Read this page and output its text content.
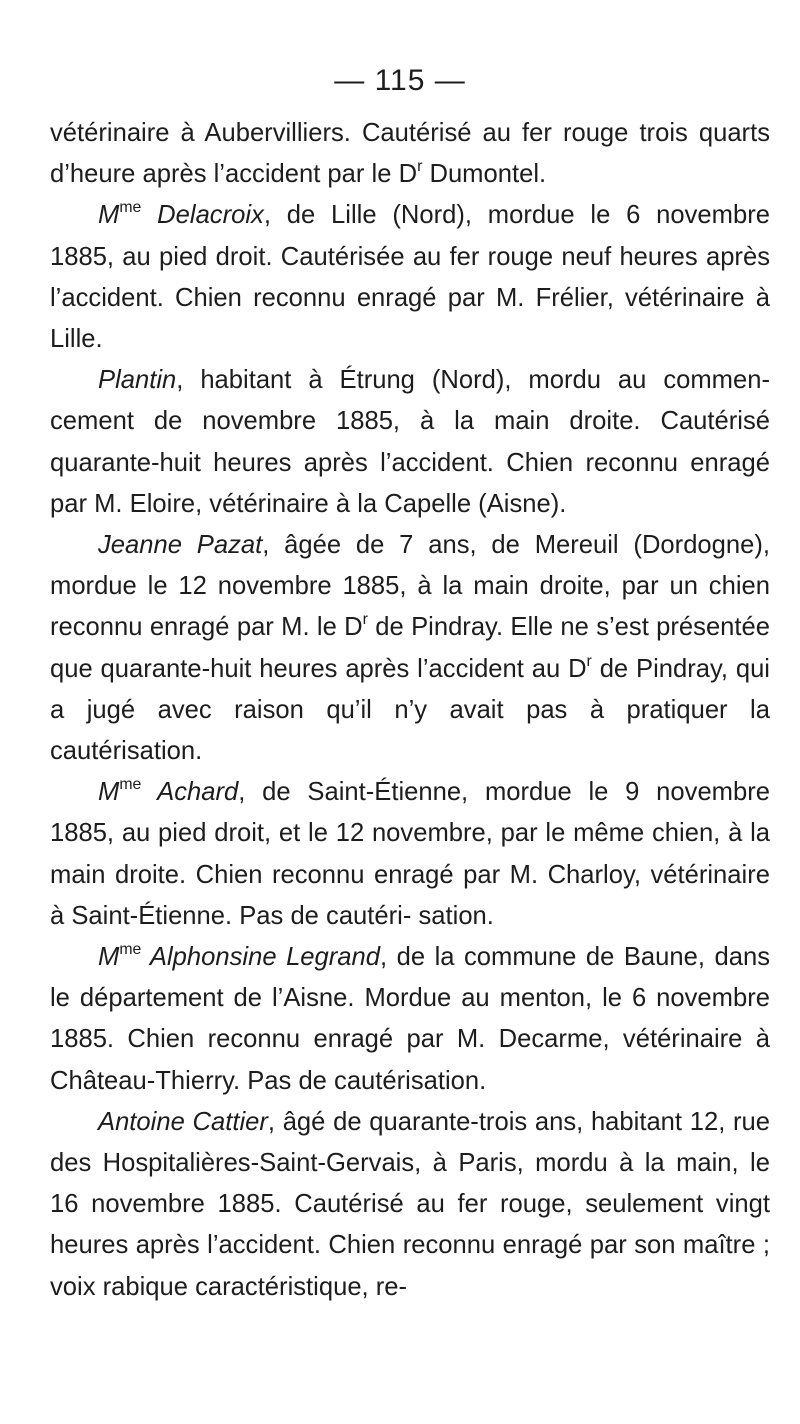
— 115 —

vétérinaire à Aubervilliers. Cautérisé au fer rouge trois quarts d’heure après l’accident par le $D^r$ Dumontel.

$M^{me}$ Delacroix, de Lille (Nord), mordue le 6 novembre 1885, au pied droit. Cautérisée au fer rouge neuf heures après l’accident. Chien reconnu enragé par M. Frélier, vétérinaire à Lille.

Plantin, habitant à Étrung (Nord), mordu au commen- cement de novembre 1885, à la main droite. Cautérisé quarante-huit heures après l’accident. Chien reconnu enragé par M. Eloire, vétérinaire à la Capelle (Aisne).

Jeanne Pazat, âgée de 7 ans, de Mereuil (Dordogne), mordue le 12 novembre 1885, à la main droite, par un chien reconnu enragé par M. le $D^r$ de Pindray. Elle ne s’est présentée que quarante-huit heures après l’accident au $D^r$ de Pindray, qui a jugé avec raison qu’il n’y avait pas à pratiquer la cautérisation.

$M^{me}$ Achard, de Saint-Étienne, mordue le 9 novembre 1885, au pied droit, et le 12 novembre, par le même chien, à la main droite. Chien reconnu enragé par M. Charloy, vétérinaire à Saint-Étienne. Pas de cautéri- sation.

$M^{me}$ Alphonsine Legrand, de la commune de Baune, dans le département de l’Aisne. Mordue au menton, le 6 novembre 1885. Chien reconnu enragé par M. Decarme, vétérinaire à Château-Thierry. Pas de cautérisation.

Antoine Cattier, âgé de quarante-trois ans, habitant 12, rue des Hospitalières-Saint-Gervais, à Paris, mordu à la main, le 16 novembre 1885. Cautérisé au fer rouge, seulement vingt heures après l’accident. Chien reconnu enragé par son maître ; voix rabique caractéristique, re-
